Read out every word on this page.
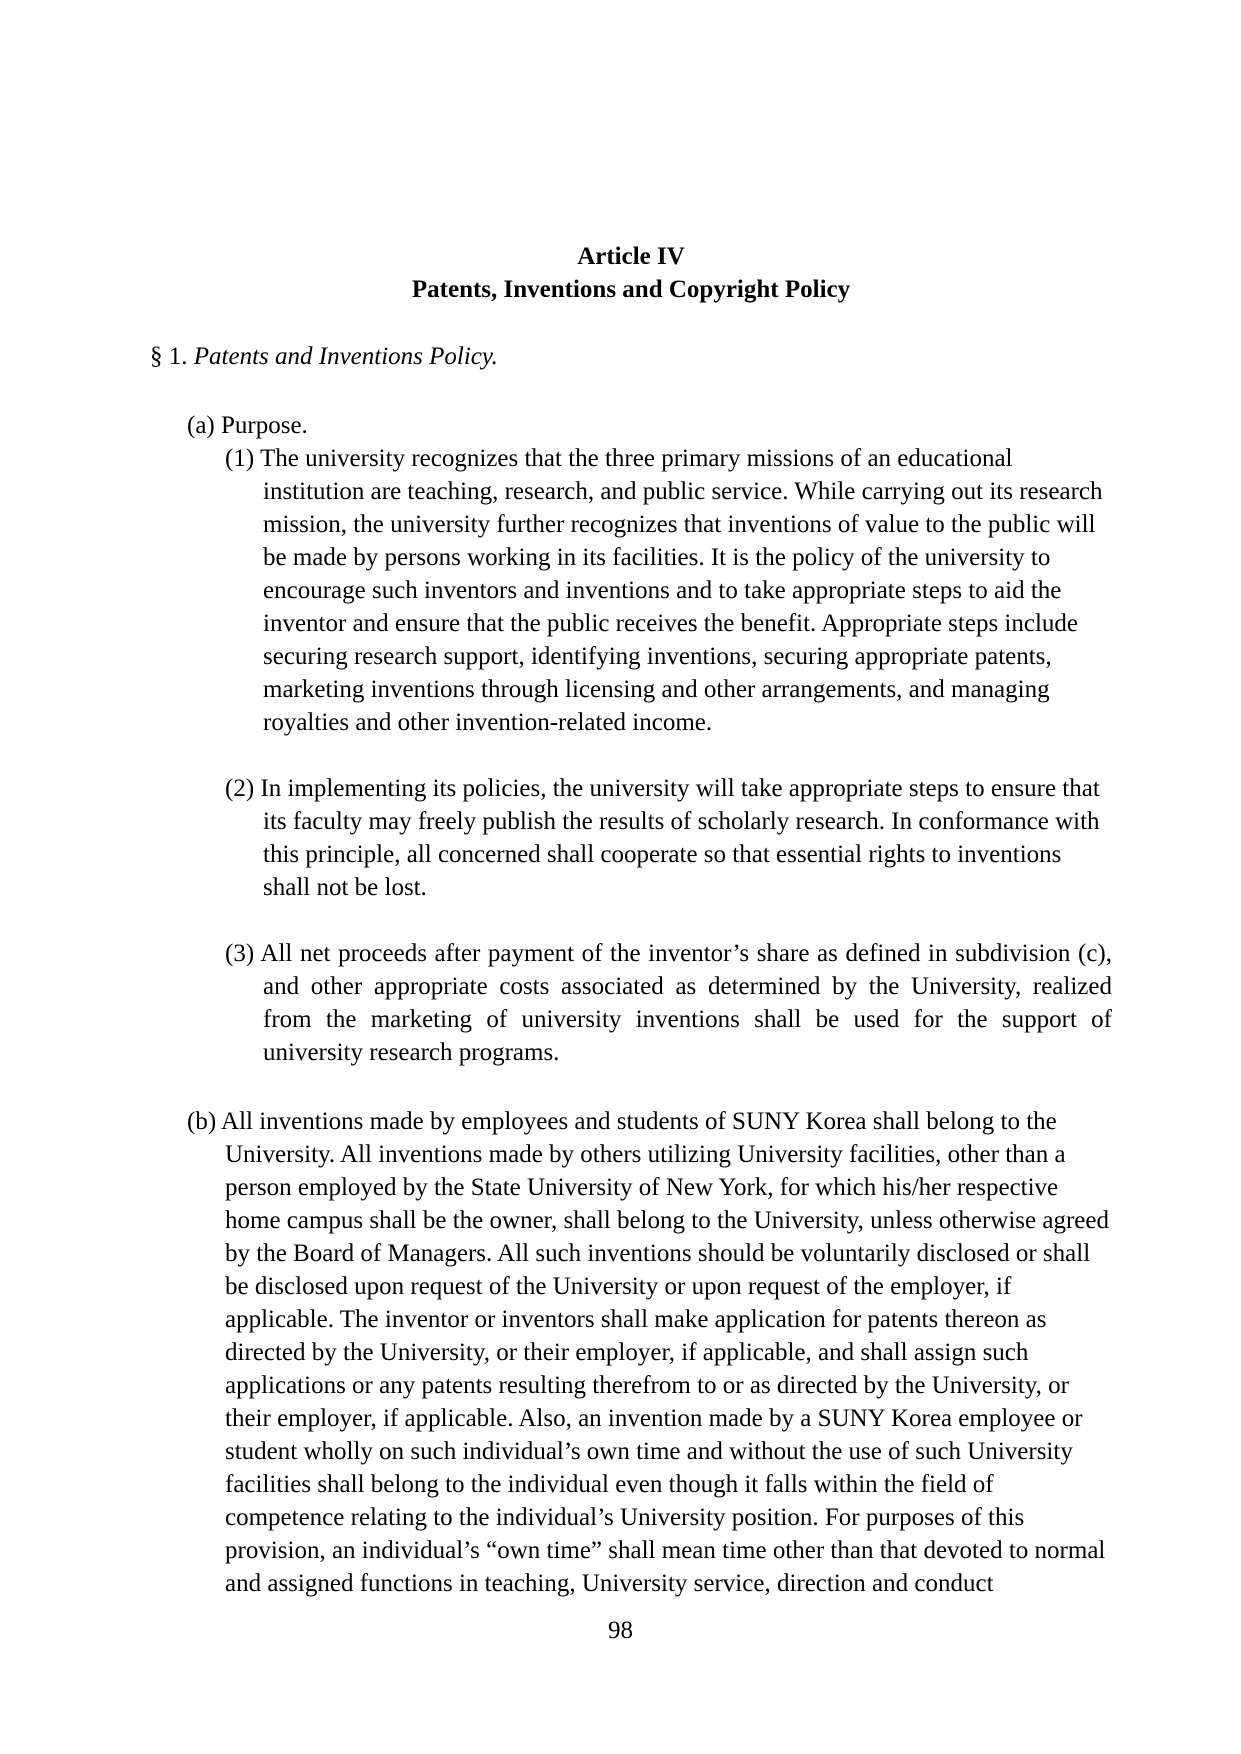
Article IV
Patents, Inventions and Copyright Policy

§ 1. Patents and Inventions Policy.

(a) Purpose.

(1) The university recognizes that the three primary missions of an educational institution are teaching, research, and public service. While carrying out its research mission, the university further recognizes that inventions of value to the public will be made by persons working in its facilities. It is the policy of the university to encourage such inventors and inventions and to take appropriate steps to aid the inventor and ensure that the public receives the benefit. Appropriate steps include securing research support, identifying inventions, securing appropriate patents, marketing inventions through licensing and other arrangements, and managing royalties and other invention-related income.

(2) In implementing its policies, the university will take appropriate steps to ensure that its faculty may freely publish the results of scholarly research. In conformance with this principle, all concerned shall cooperate so that essential rights to inventions shall not be lost.

(3) All net proceeds after payment of the inventor’s share as defined in subdivision (c), and other appropriate costs associated as determined by the University, realized from the marketing of university inventions shall be used for the support of university research programs.

(b) All inventions made by employees and students of SUNY Korea shall belong to the University. All inventions made by others utilizing University facilities, other than a person employed by the State University of New York, for which his/her respective home campus shall be the owner, shall belong to the University, unless otherwise agreed by the Board of Managers. All such inventions should be voluntarily disclosed or shall be disclosed upon request of the University or upon request of the employer, if applicable. The inventor or inventors shall make application for patents thereon as directed by the University, or their employer, if applicable, and shall assign such applications or any patents resulting therefrom to or as directed by the University, or their employer, if applicable. Also, an invention made by a SUNY Korea employee or student wholly on such individual’s own time and without the use of such University facilities shall belong to the individual even though it falls within the field of competence relating to the individual’s University position. For purposes of this provision, an individual’s “own time” shall mean time other than that devoted to normal and assigned functions in teaching, University service, direction and conduct

98
